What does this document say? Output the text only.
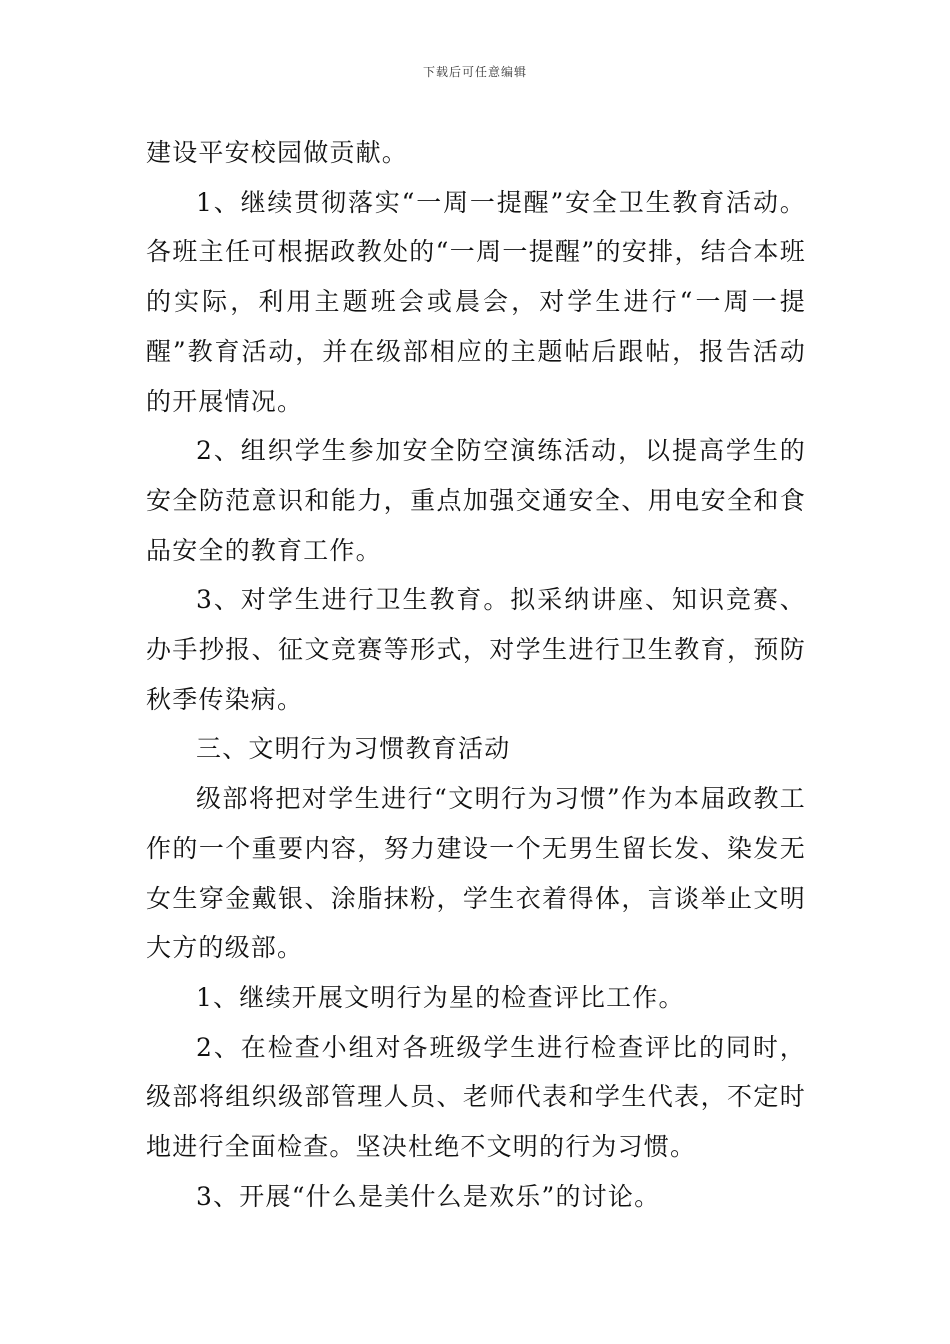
下载后可任意编辑

建设平安校园做贡献。

1、继续贯彻落实“一周一提醒”安全卫生教育活动。各班主任可根据政教处的“一周一提醒”的安排，结合本班的实际，利用主题班会或晨会，对学生进行“一周一提醒”教育活动，并在级部相应的主题帖后跟帖，报告活动的开展情况。

2、组织学生参加安全防空演练活动，以提高学生的安全防范意识和能力，重点加强交通安全、用电安全和食品安全的教育工作。

3、对学生进行卫生教育。拟采纳讲座、知识竞赛、办手抄报、征文竞赛等形式，对学生进行卫生教育，预防秋季传染病。

三、文明行为习惯教育活动

级部将把对学生进行“文明行为习惯”作为本届政教工作的一个重要内容，努力建设一个无男生留长发、染发无女生穿金戴银、涂脂抹粉，学生衣着得体，言谈举止文明大方的级部。

1、继续开展文明行为星的检查评比工作。

2、在检查小组对各班级学生进行检查评比的同时，级部将组织级部管理人员、老师代表和学生代表，不定时地进行全面检查。坚决杜绝不文明的行为习惯。

3、开展“什么是美什么是欢乐”的讨论。
